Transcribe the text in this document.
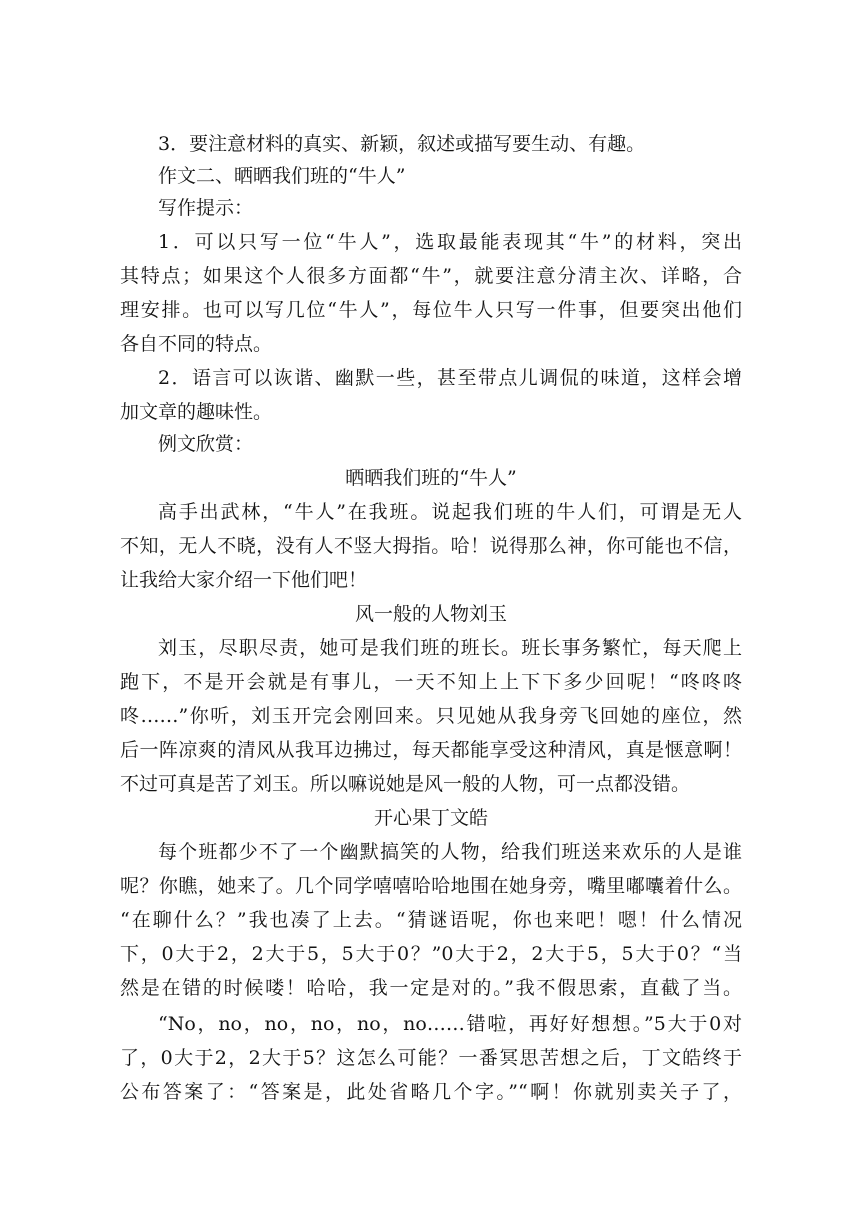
3．要注意材料的真实、新颖，叙述或描写要生动、有趣。
作文二、晒晒我们班的“牛人”
写作提示：
1．可以只写一位“牛人”，选取最能表现其“牛”的材料，突出
其特点；如果这个人很多方面都“牛”，就要注意分清主次、详略，合
理安排。也可以写几位“牛人”，每位牛人只写一件事，但要突出他们
各自不同的特点。
2．语言可以诙谐、幽默一些，甚至带点儿调侃的味道，这样会增
加文章的趣味性。
例文欣赏：
晒晒我们班的“牛人”
高手出武林，“牛人”在我班。说起我们班的牛人们，可谓是无人
不知，无人不晓，没有人不竖大拇指。哈！说得那么神，你可能也不信，
让我给大家介绍一下他们吧！
风一般的人物刘玉
刘玉，尽职尽责，她可是我们班的班长。班长事务繁忙，每天爬上
跑下，不是开会就是有事儿，一天不知上上下下多少回呢！“咚咚咚
咚……”你听，刘玉开完会刚回来。只见她从我身旁飞回她的座位，然
后一阵凉爽的清风从我耳边拂过，每天都能享受这种清风，真是惬意啊！
不过可真是苦了刘玉。所以嘛说她是风一般的人物，可一点都没错。
开心果丁文皓
每个班都少不了一个幽默搞笑的人物，给我们班送来欢乐的人是谁
呢？你瞧，她来了。几个同学嘻嘻哈哈地围在她身旁，嘴里嘟囔着什么。
“在聊什么？”我也凑了上去。“猜谜语呢，你也来吧！嗯！什么情况
下，0大于2，2大于5，5大于0？”0大于2，2大于5，5大于0？“当
然是在错的时候喽！哈哈，我一定是对的。”我不假思索，直截了当。
“No，no，no，no，no，no……错啦，再好好想想。”5大于0对
了，0大于2，2大于5？这怎么可能？一番冥思苦想之后，丁文皓终于
公布答案了：“答案是，此处省略几个字。”“啊！你就别卖关子了，
